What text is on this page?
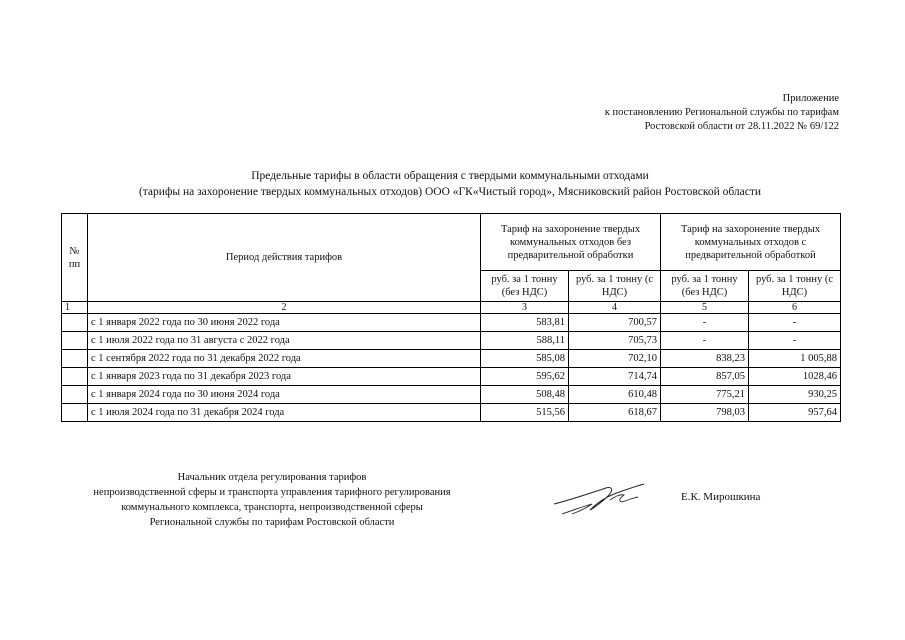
Приложение
к постановлению Региональной службы по тарифам
Ростовской области от 28.11.2022 № 69/122
Предельные тарифы в области обращения с твердыми коммунальными отходами
(тарифы на захоронение твердых коммунальных отходов) ООО «ГК«Чистый город», Мясниковский район Ростовской области
№ пп	Период действия тарифов	Тариф на захоронение твердых коммунальных отходов без предварительной обработки		Тариф на захоронение твердых коммунальных отходов с предварительной обработкой	
		руб. за 1 тонну (без НДС)	руб. за 1 тонну (с НДС)	руб. за 1 тонну (без НДС)	руб. за 1 тонну (с НДС)
1	2	3	4	5	6
	с 1 января 2022 года по 30 июня 2022 года	583,81	700,57	-	-
	с 1 июля 2022 года по 31 августа с 2022 года	588,11	705,73	-	-
	с 1 сентября 2022 года по 31 декабря 2022 года	585,08	702,10	838,23	1 005,88
	с 1 января 2023 года по 31 декабря 2023 года	595,62	714,74	857,05	1028,46
	с 1 января 2024 года по 30 июня 2024 года	508,48	610,48	775,21	930,25
	с 1 июля 2024 года по 31 декабря 2024 года	515,56	618,67	798,03	957,64
Начальник отдела регулирования тарифов
непроизводственной сферы и транспорта управления тарифного регулирования
коммунального комплекса, транспорта, непроизводственной сферы
Региональной службы по тарифам Ростовской области
Е.К. Мирошкина
